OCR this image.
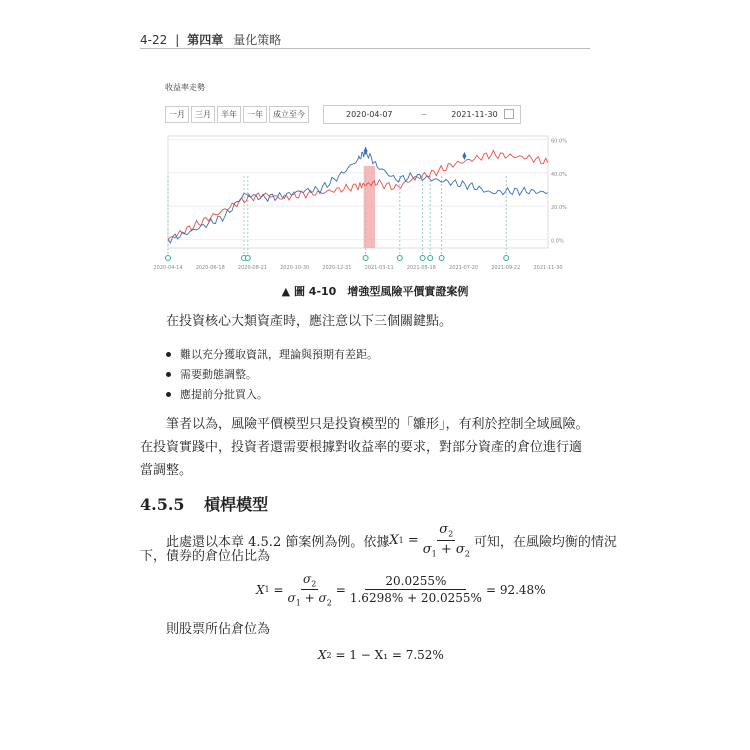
4-22 | 第四章 量化策略
收益率走勢
一月	三月	半年	一年	成立至今	2020-04-07	~	2021-11-30
0.0%
20.0%
40.0%
60.0%
2020-04-14	2020-06-18	2020-08-21	2020-10-30	2020-12-31	2021-03-11	2021-05-18	2021-07-20	2021-09-22	2021-11-30
▲ 圖 4-10　增強型風險平價實證案例
在投資核心大類資產時，應注意以下三個關鍵點。
難以充分獲取資訊，理論與預期有差距。
需要動態調整。
應提前分批買入。
筆者以為，風險平價模型只是投資模型的「雛形」，有利於控制全域風險。在投資實踐中，投資者還需要根據對收益率的要求，對部分資產的倉位進行適當調整。
4.5.5 槓桿模型
此處還以本章 4.5.2 節案例為例。依據 X $1 = \frac{\sigma_2}{\sigma_1 + \sigma_2}$ 可知，在風險均衡的情況
下，債券的倉位佔比為
X $1 = \frac{\sigma_2}{\sigma_1 + \sigma_2} = \frac{20.0255\%}{1.6298\% + 20.0255\%} = 92.48\%$
則股票所佔倉位為
X 2
= 1 − X₁ = 7.52%
